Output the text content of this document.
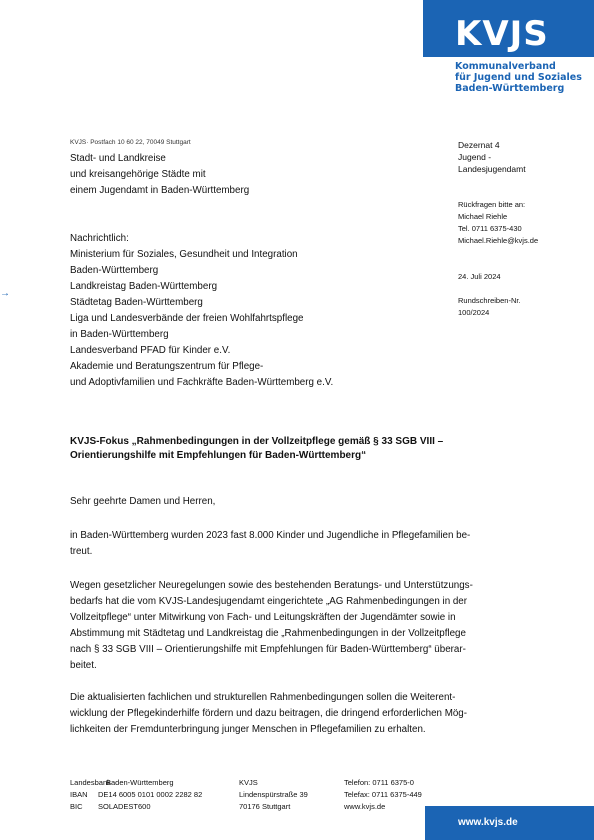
KVJS
Kommunalverband
für Jugend und Soziales
Baden-Württemberg
KVJS· Postfach 10 60 22, 70049 Stuttgart
Stadt- und Landkreise
und kreisangehörige Städte mit
einem Jugendamt in Baden-Württemberg
Nachrichtlich:
Ministerium für Soziales, Gesundheit und Integration
Baden-Württemberg
Landkreistag Baden-Württemberg
Städtetag Baden-Württemberg
Liga und Landesverbände der freien Wohlfahrtspflege
in Baden-Württemberg
Landesverband PFAD für Kinder e.V.
Akademie und Beratungszentrum für Pflege-
und Adoptivfamilien und Fachkräfte Baden-Württemberg e.V.
→
Dezernat 4
Jugend -
Landesjugendamt
Rückfragen bitte an:
Michael Riehle
Tel. 0711 6375-430
Michael.Riehle@kvjs.de
24. Juli 2024
Rundschreiben-Nr.
100/2024
KVJS-Fokus „Rahmenbedingungen in der Vollzeitpflege gemäß § 33 SGB VIII –
Orientierungshilfe mit Empfehlungen für Baden-Württemberg“
Sehr geehrte Damen und Herren,
in Baden-Württemberg wurden 2023 fast 8.000 Kinder und Jugendliche in Pflegefamilien be-
treut.
Wegen gesetzlicher Neuregelungen sowie des bestehenden Beratungs- und Unterstützungs-
bedarfs hat die vom KVJS-Landesjugendamt eingerichtete „AG Rahmenbedingungen in der
Vollzeitpflege“ unter Mitwirkung von Fach- und Leitungskräften der Jugendämter sowie in
Abstimmung mit Städtetag und Landkreistag die „Rahmenbedingungen in der Vollzeitpflege
nach § 33 SGB VIII – Orientierungshilfe mit Empfehlungen für Baden-Württemberg“ überar-
beitet.
Die aktualisierten fachlichen und strukturellen Rahmenbedingungen sollen die Weiterent-
wicklung der Pflegekinderhilfe fördern und dazu beitragen, die dringend erforderlichen Mög-
lichkeiten der Fremdunterbringung junger Menschen in Pflegefamilien zu erhalten.
Landesbank
Baden-Württemberg
IBAN DE14 6005 0101 0002 2282 82
BIC SOLADEST600
KVJS
Lindenspürstraße 39
70176 Stuttgart
Telefon: 0711 6375-0
Telefax: 0711 6375-449
www.kvjs.de
www.kvjs.de
